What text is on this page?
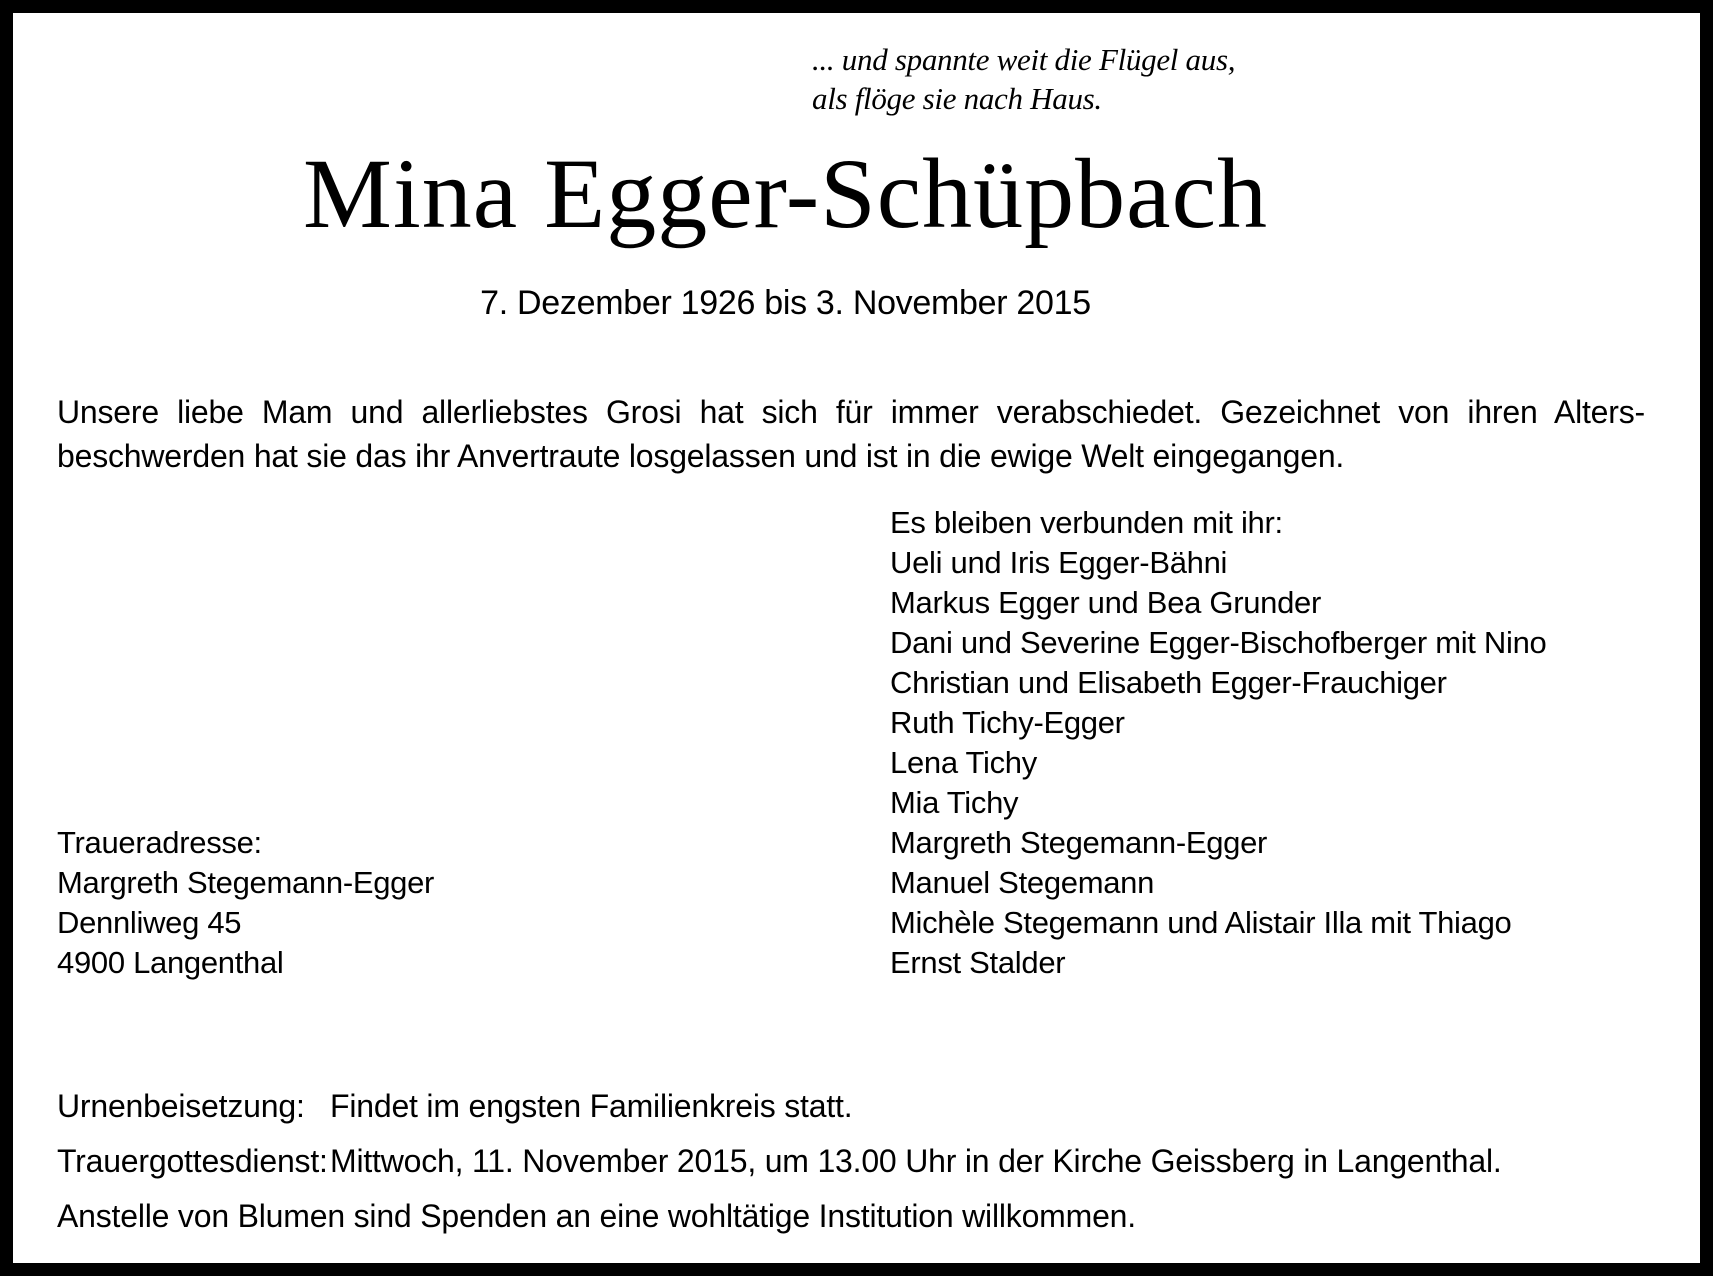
... und spannte weit die Flügel aus,
als flöge sie nach Haus.
Mina Egger-Schüpbach
7. Dezember 1926 bis 3. November 2015
Unsere liebe Mam und allerliebstes Grosi hat sich für immer verabschiedet. Gezeichnet von ihren Alters-
beschwerden hat sie das ihr Anvertraute losgelassen und ist in die ewige Welt eingegangen.
Es bleiben verbunden mit ihr:
Ueli und Iris Egger-Bähni
Markus Egger und Bea Grunder
Dani und Severine Egger-Bischofberger mit Nino
Christian und Elisabeth Egger-Frauchiger
Ruth Tichy-Egger
Lena Tichy
Mia Tichy
Margreth Stegemann-Egger
Manuel Stegemann
Michèle Stegemann und Alistair Illa mit Thiago
Ernst Stalder
Traueradresse:
Margreth Stegemann-Egger
Dennliweg 45
4900 Langenthal
Urnenbeisetzung: Findet im engsten Familienkreis statt.
Trauergottesdienst: Mittwoch, 11. November 2015, um 13.00 Uhr in der Kirche Geissberg in Langenthal.
Anstelle von Blumen sind Spenden an eine wohltätige Institution willkommen.
